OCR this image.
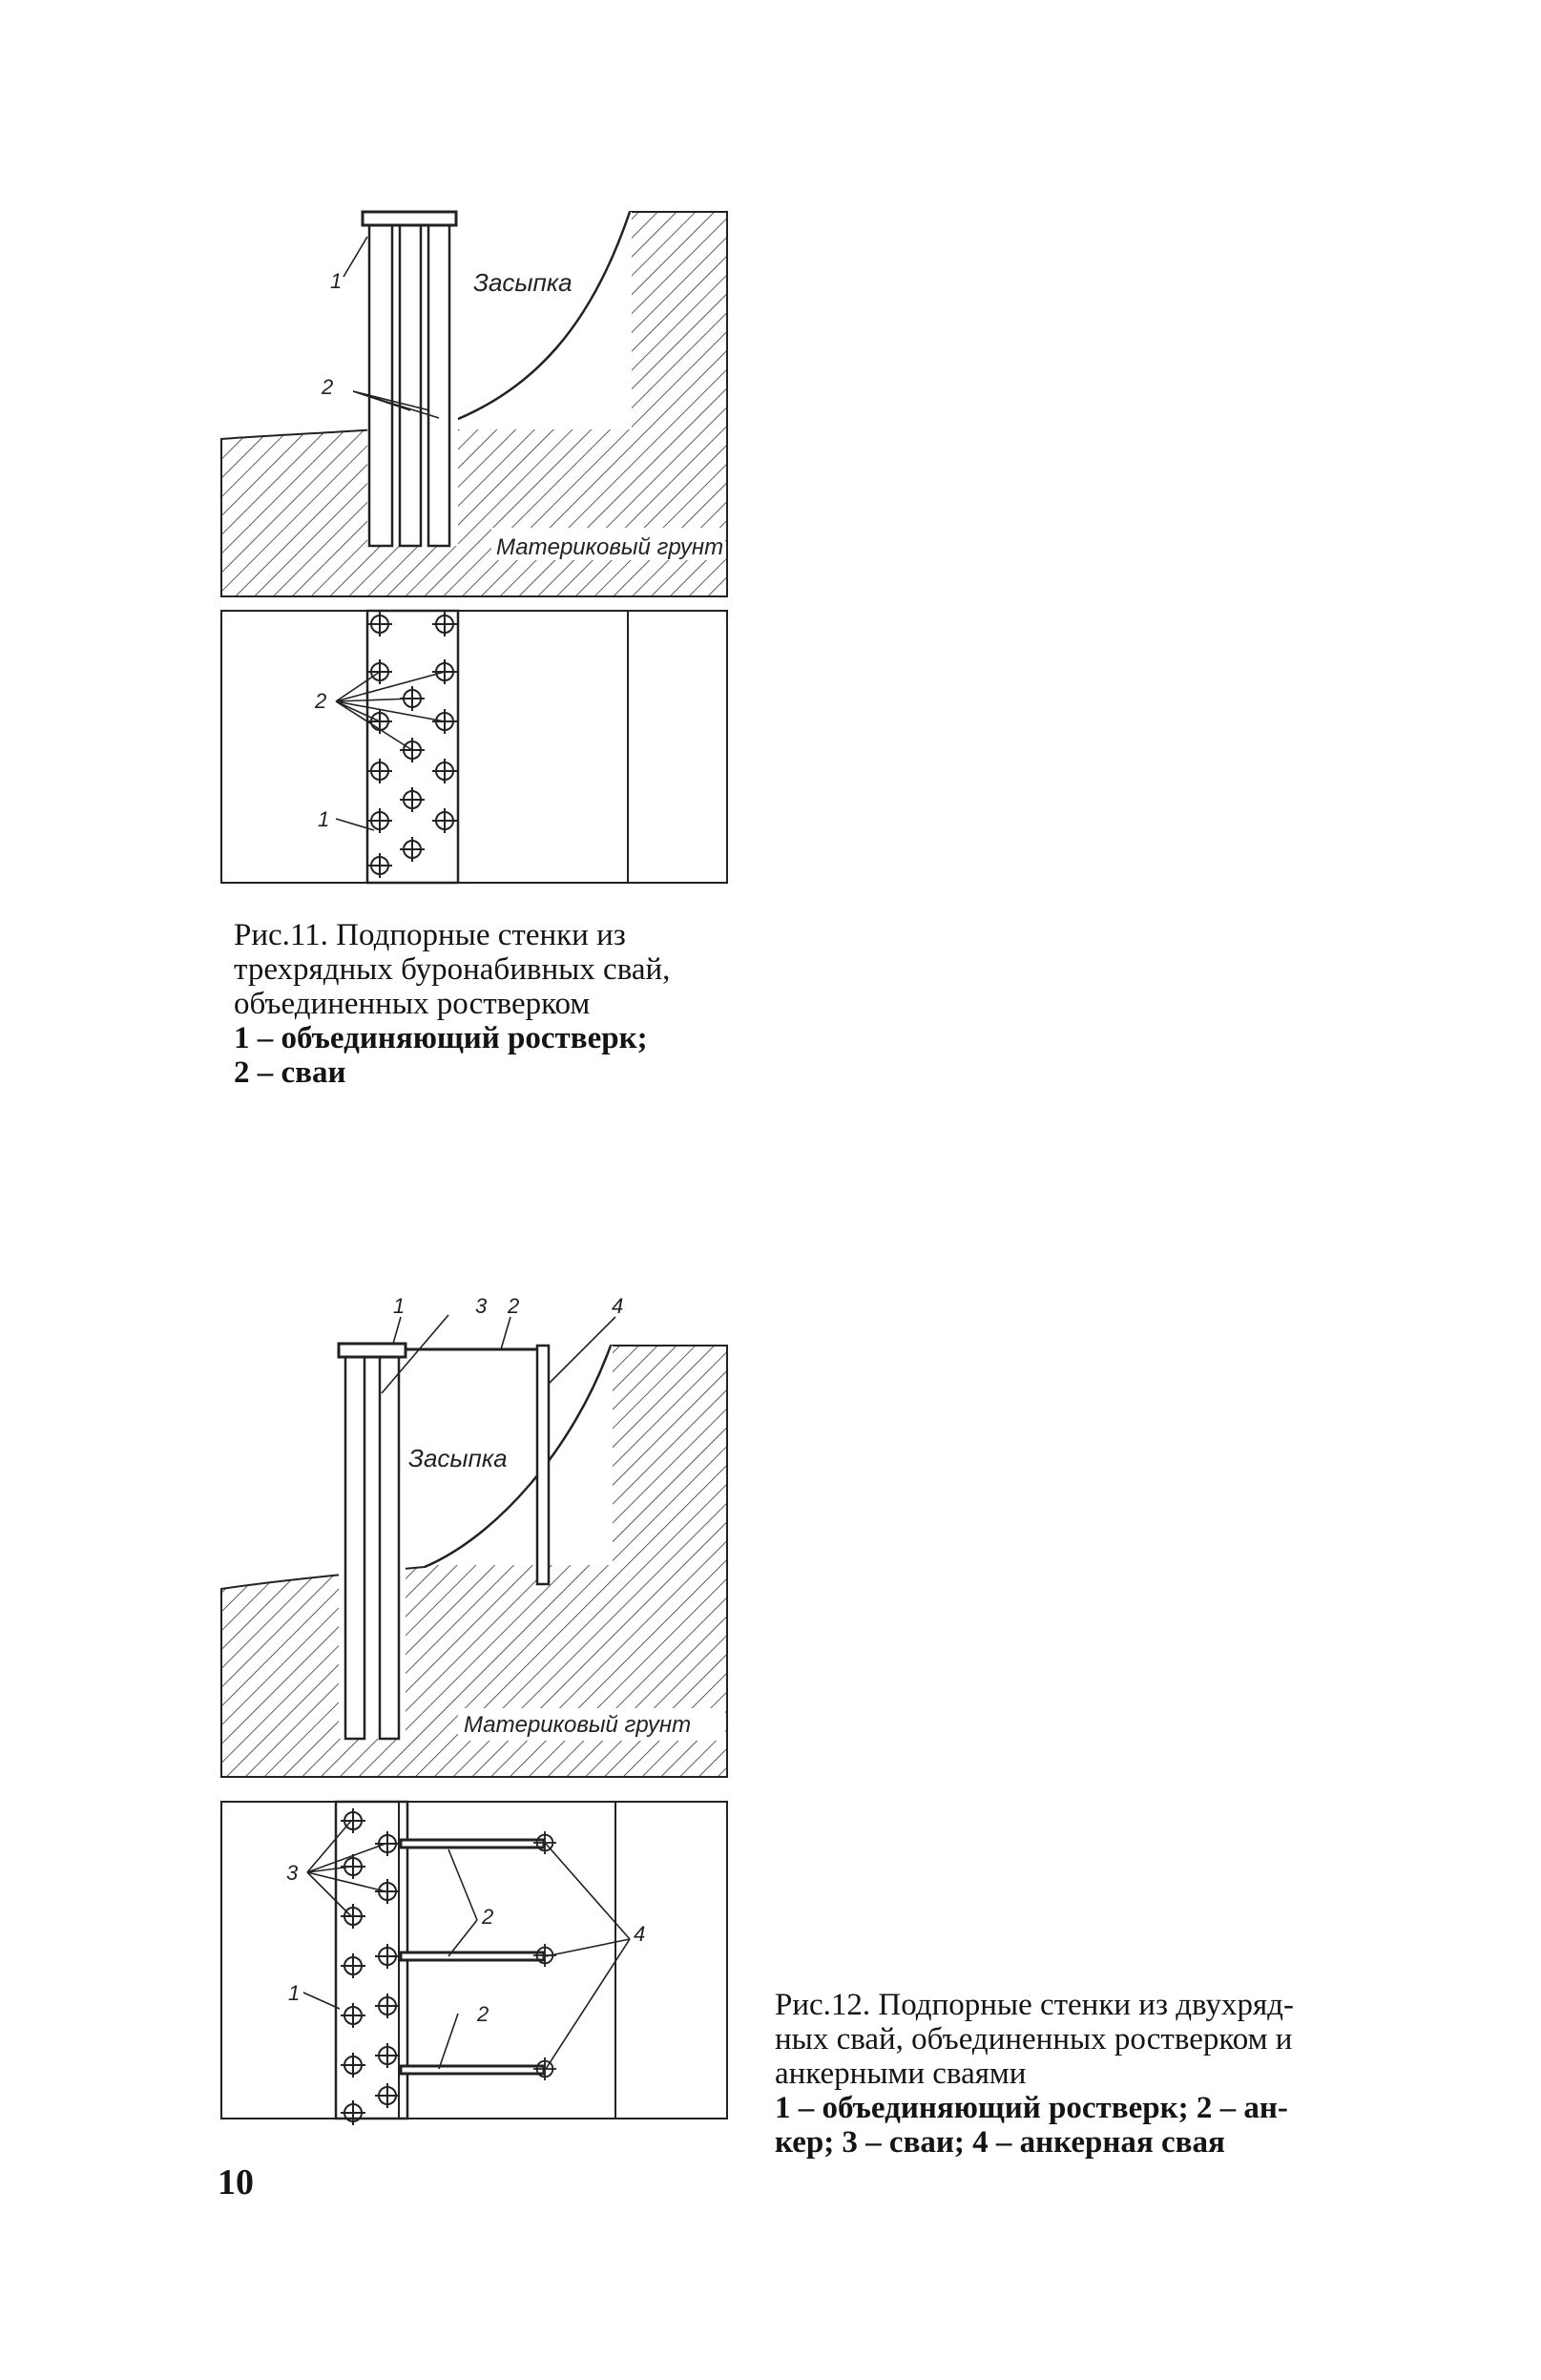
1
2
Засыпка
Материковый грунт
2
1
1	3 2	4
Засыпка
Материковый грунт
3
1
2
2
4
Рис.11. Подпорные стенки из
трехрядных буронабивных свай,
объединенных ростверком
1 – объединяющий ростверк;
2 – сваи
Рис.12. Подпорные стенки из двухряд-
ных свай, объединенных ростверком и
анкерными сваями
1 – объединяющий ростверк; 2 – ан-
кер; 3 – сваи; 4 – анкерная свая
10
